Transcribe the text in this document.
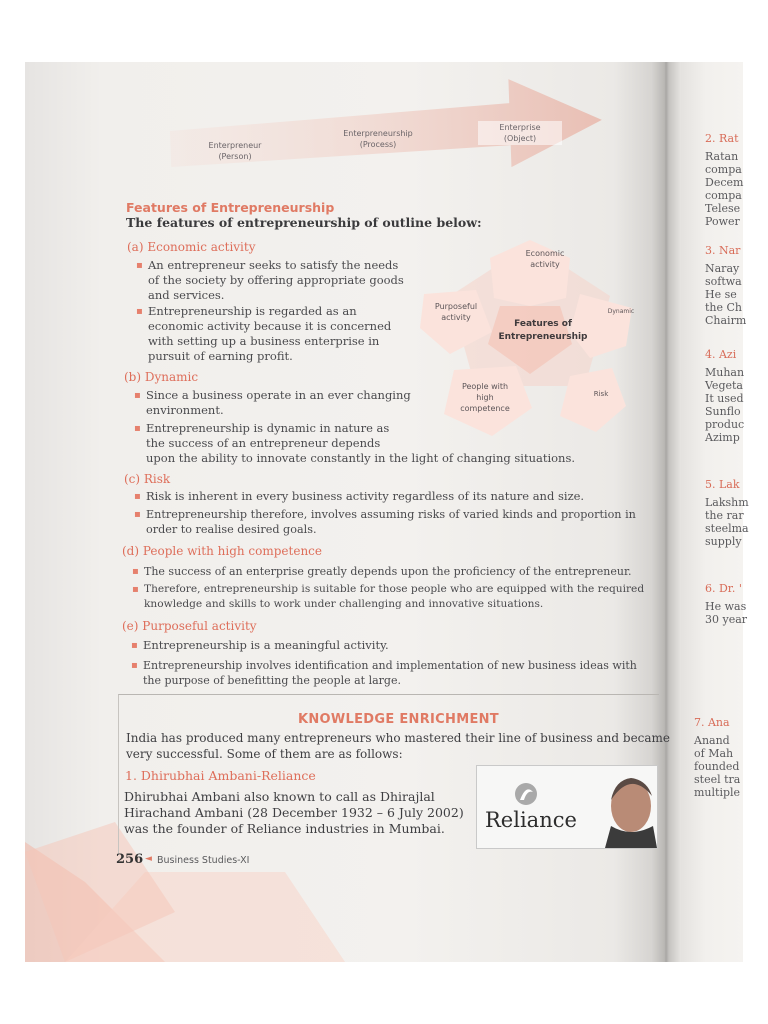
Enterpreneur
(Person)
Enterpreneurship
(Process)
Enterprise
(Object)
Features of Entrepreneurship
The features of entrepreneurship of outline below:
Economic
activity
Purposeful
activity
Dynamic
Features of
Entrepreneurship
People with
high
competence
Risk
(a) Economic activity
▪ An entrepreneur seeks to satisfy the needs
of the society by offering appropriate goods
and services.
▪ Entrepreneurship is regarded as an
economic activity because it is concerned
with setting up a business enterprise in
pursuit of earning profit.
(b) Dynamic
▪ Since a business operate in an ever changing
environment.
▪ Entrepreneurship is dynamic in nature as
the success of an entrepreneur depends
upon the ability to innovate constantly in the light of changing situations.
(c) Risk
▪ Risk is inherent in every business activity regardless of its nature and size.
▪ Entrepreneurship therefore, involves assuming risks of varied kinds and proportion in
order to realise desired goals.
(d) People with high competence
▪ The success of an enterprise greatly depends upon the proficiency of the entrepreneur.
▪ Therefore, entrepreneurship is suitable for those people who are equipped with the required
knowledge and skills to work under challenging and innovative situations.
(e) Purposeful activity
▪ Entrepreneurship is a meaningful activity.
▪ Entrepreneurship involves identification and implementation of new business ideas with
the purpose of benefitting the people at large.
KNOWLEDGE ENRICHMENT
India has produced many entrepreneurs who mastered their line of business and became
very successful. Some of them are as follows:
1. Dhirubhai Ambani-Reliance
Dhirubhai Ambani also known to call as Dhirajlal
Hirachand Ambani (28 December 1932 – 6 July 2002)
was the founder of Reliance industries in Mumbai.	Reliance
256 ◄ Business Studies-XI
2. Rat
Ratan
compa
Decem
compa
Telese
Power
3. Nar
Naray
softwa
He se
the Ch
Chairm
4. Azi
Muhan
Vegeta
It used
Sunflo
produc
Azimp
5. Lak
Lakshm
the rar
steelma
supply
6. Dr. '
He was
30 year
7. Ana
Anand
of Mah
founded
steel tra
multiple
